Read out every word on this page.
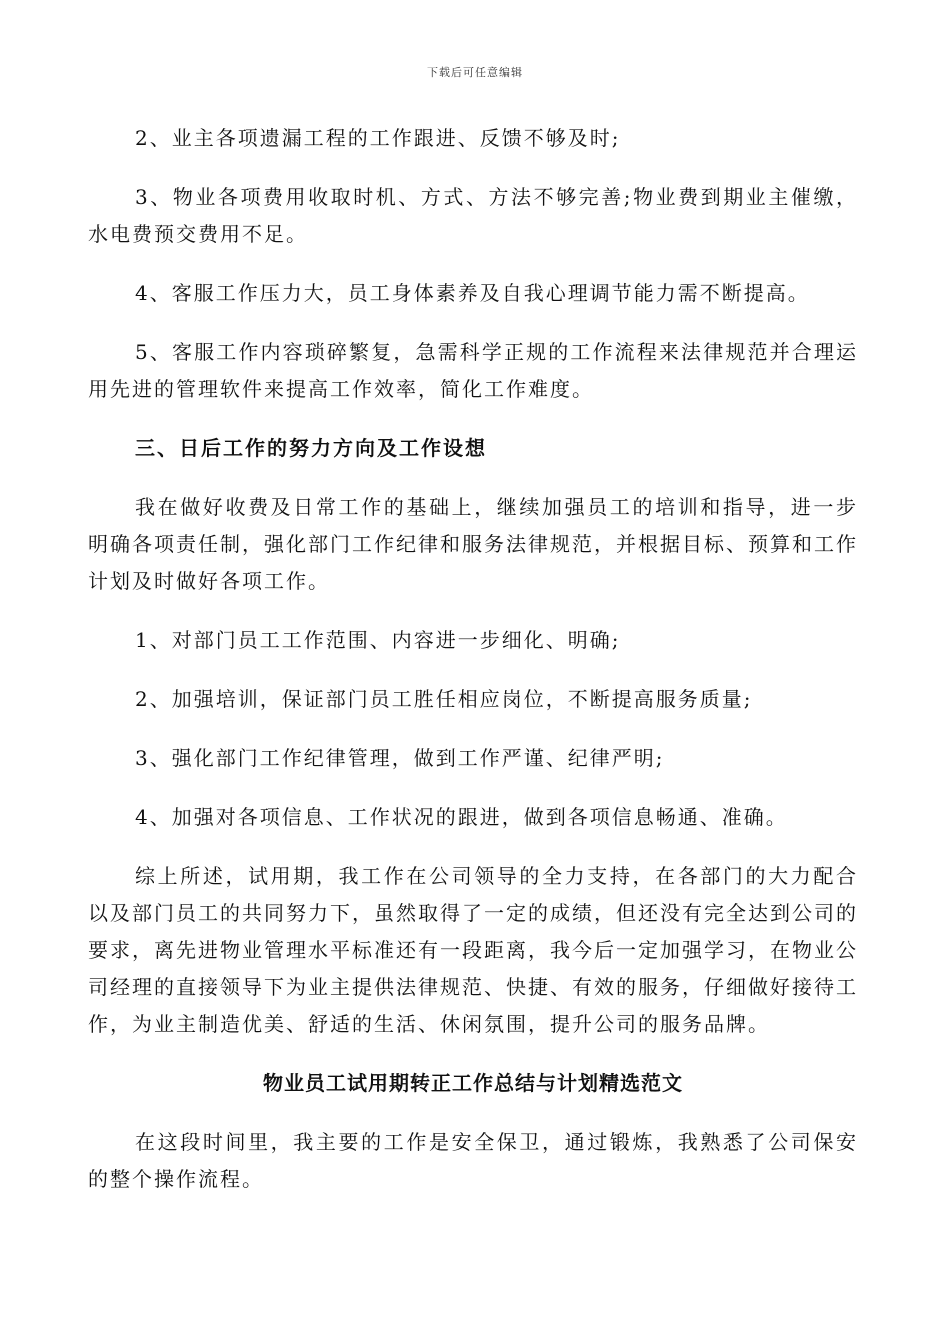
下载后可任意编辑

2、业主各项遗漏工程的工作跟进、反馈不够及时;

3、物业各项费用收取时机、方式、方法不够完善;物业费到期业主催缴，水电费预交费用不足。

4、客服工作压力大，员工身体素养及自我心理调节能力需不断提高。

5、客服工作内容琐碎繁复，急需科学正规的工作流程来法律规范并合理运用先进的管理软件来提高工作效率，简化工作难度。

三、日后工作的努力方向及工作设想

我在做好收费及日常工作的基础上，继续加强员工的培训和指导，进一步明确各项责任制，强化部门工作纪律和服务法律规范，并根据目标、预算和工作计划及时做好各项工作。

1、对部门员工工作范围、内容进一步细化、明确;

2、加强培训，保证部门员工胜任相应岗位，不断提高服务质量;

3、强化部门工作纪律管理，做到工作严谨、纪律严明;

4、加强对各项信息、工作状况的跟进，做到各项信息畅通、准确。

综上所述，试用期，我工作在公司领导的全力支持，在各部门的大力配合以及部门员工的共同努力下，虽然取得了一定的成绩，但还没有完全达到公司的要求，离先进物业管理水平标准还有一段距离，我今后一定加强学习，在物业公司经理的直接领导下为业主提供法律规范、快捷、有效的服务，仔细做好接待工作，为业主制造优美、舒适的生活、休闲氛围，提升公司的服务品牌。

物业员工试用期转正工作总结与计划精选范文

在这段时间里，我主要的工作是安全保卫，通过锻炼，我熟悉了公司保安的整个操作流程。
